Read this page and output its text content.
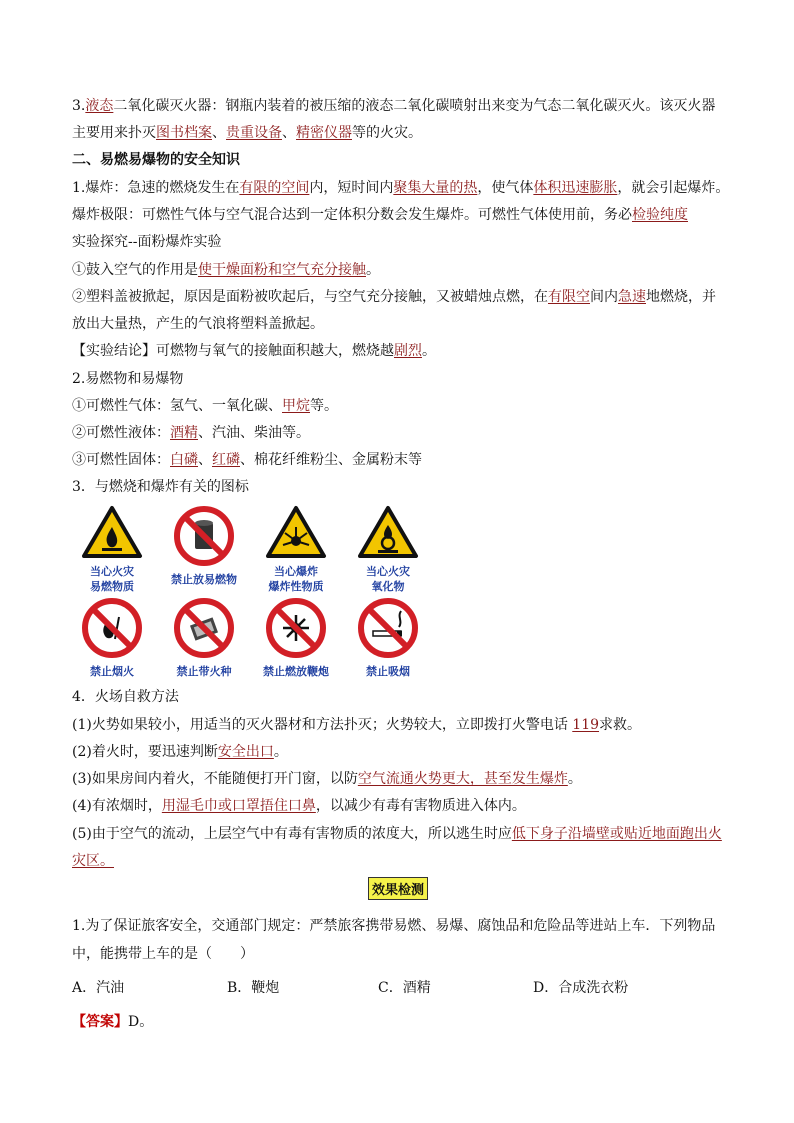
3.液态二氧化碳灭火器：钢瓶内装着的被压缩的液态二氧化碳喷射出来变为气态二氧化碳灭火。该灭火器
主要用来扑灭图书档案、贵重设备、精密仪器等的火灾。
二、易燃易爆物的安全知识
1.爆炸：急速的燃烧发生在有限的空间内，短时间内聚集大量的热，使气体体积迅速膨胀，就会引起爆炸。
爆炸极限：可燃性气体与空气混合达到一定体积分数会发生爆炸。可燃性气体使用前，务必检验纯度
实验探究--面粉爆炸实验
①鼓入空气的作用是使干燥面粉和空气充分接触。
②塑料盖被掀起，原因是面粉被吹起后，与空气充分接触，又被蜡烛点燃，在有限空间内急速地燃烧，并
放出大量热，产生的气浪将塑料盖掀起。
【实验结论】可燃物与氧气的接触面积越大，燃烧越剧烈。
2.易燃物和易爆物
①可燃性气体：氢气、一氧化碳、甲烷等。
②可燃性液体：酒精、汽油、柴油等。
③可燃性固体：白磷、红磷、棉花纤维粉尘、金属粉末等
3．与燃烧和爆炸有关的图标
当心火灾
易燃物质
禁止放易燃物
当心爆炸
爆炸性物质
当心火灾
氧化物
禁止烟火	禁止带火种	禁止燃放鞭炮	禁止吸烟
4．火场自救方法
(1)火势如果较小，用适当的灭火器材和方法扑灭；火势较大，立即拨打火警电话 119求救。
(2)着火时，要迅速判断安全出口。
(3)如果房间内着火，不能随便打开门窗，以防空气流通火势更大，甚至发生爆炸。
(4)有浓烟时，用湿毛巾或口罩捂住口鼻，以减少有毒有害物质进入体内。
(5)由于空气的流动，上层空气中有毒有害物质的浓度大，所以逃生时应低下身子沿墙壁或贴近地面跑出火
灾区。
效果检测
1.为了保证旅客安全，交通部门规定：严禁旅客携带易燃、易爆、腐蚀品和危险品等进站上车．下列物品
中，能携带上车的是（　　）
A．汽油	B．鞭炮	C．酒精	D．合成洗衣粉
【答案】D。
